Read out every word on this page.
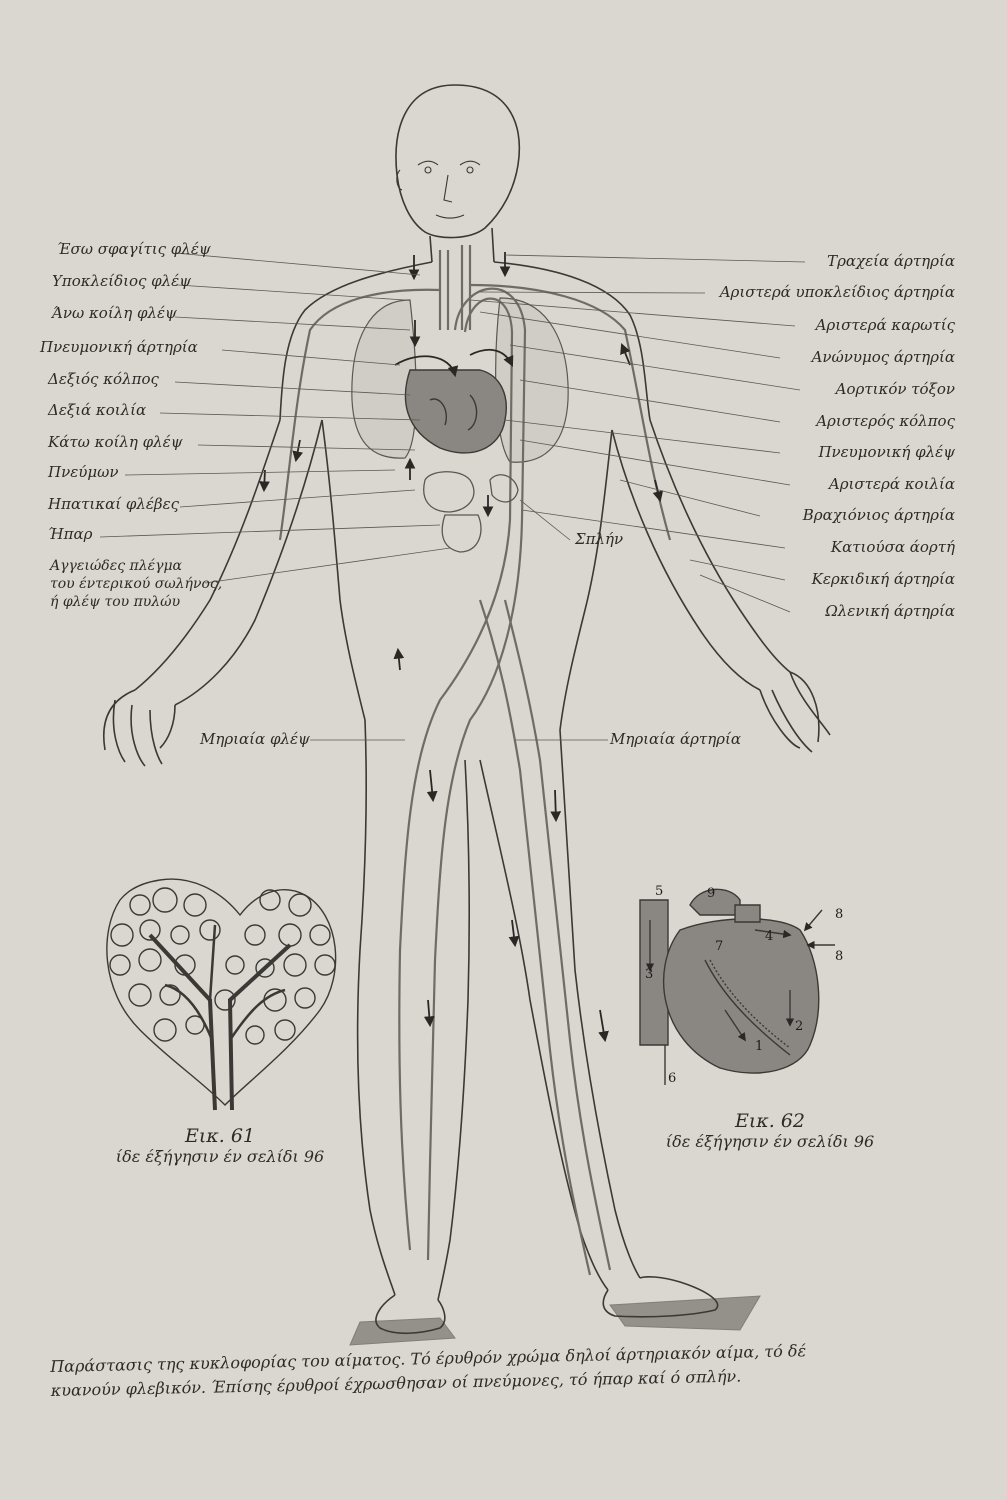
1
2
3
4
5
6
7
8
8
9
Έσω σφαγίτις φλέψ
Υποκλείδιος φλέψ
Άνω κοίλη φλέψ
Πνευμονική άρτηρία
Δεξιός κόλπος
Δεξιά κοιλία
Κάτω κοίλη φλέψ
Πνεύμων
Ηπατικαί φλέβες
Ήπαρ
Αγγειώδες πλέγμα
του έντερικού σωλήνος,
ή φλέψ του πυλώυ
Τραχεία άρτηρία
Αριστερά υποκλείδιος άρτηρία
Αριστερά καρωτίς
Ανώνυμος άρτηρία
Αορτικόν τόξον
Αριστερός κόλπος
Πνευμονική φλέψ
Αριστερά κοιλία
Βραχιόνιος άρτηρία
Κατιούσα άορτή
Κερκιδική άρτηρία
Ωλενική άρτηρία
Σπλήν
Μηριαία φλέψ	Μηριαία άρτηρία
Εικ. 61
ίδε έξήγησιν έν σελίδι 96
Εικ. 62
ίδε έξήγησιν έν σελίδι 96
Παράστασις της κυκλοφορίας του αίματος. Τό έρυθρόν χρώμα δηλοί άρτηριακόν αίμα, τό δέ
κυανούν φλεβικόν. Έπίσης έρυθροί έχρωσθησαν οί πνεύμονες, τό ήπαρ καί ό σπλήν.
